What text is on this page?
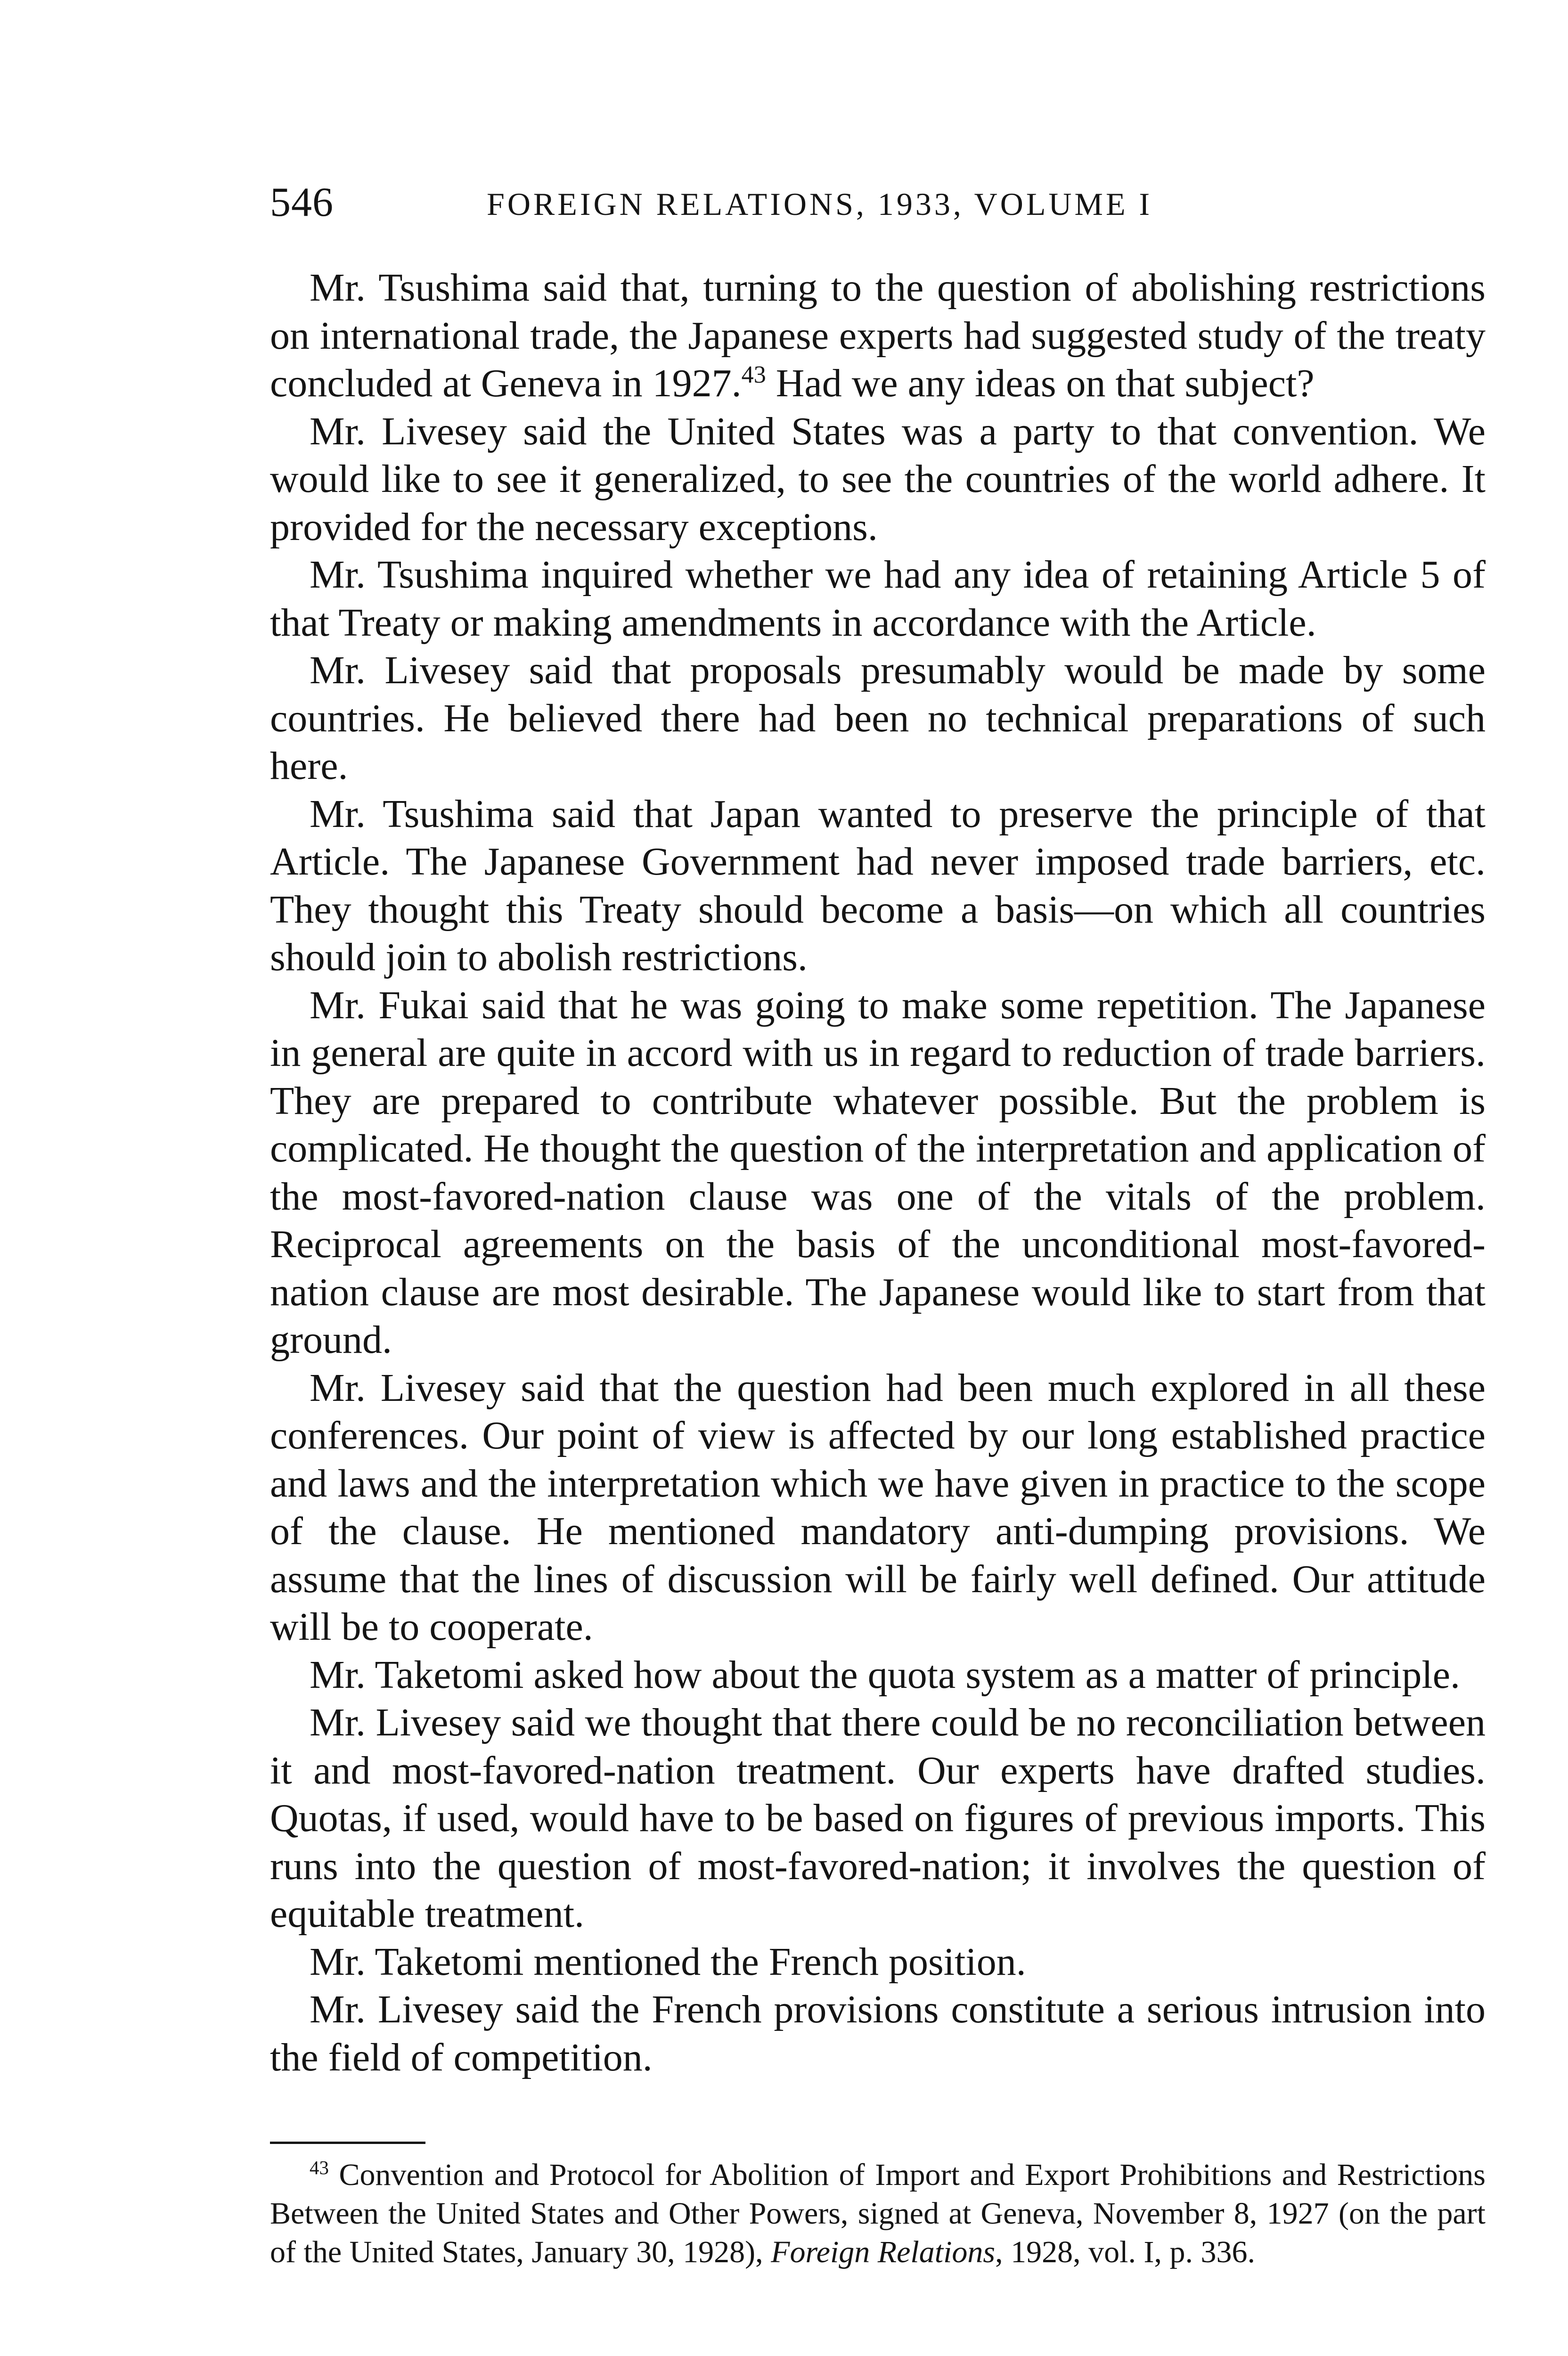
546	FOREIGN RELATIONS, 1933, VOLUME I

Mr. Tsushima said that, turning to the question of abolishing restrictions on international trade, the Japanese experts had suggested study of the treaty concluded at Geneva in 1927.43 Had we any ideas on that subject?

Mr. Livesey said the United States was a party to that convention. We would like to see it generalized, to see the countries of the world adhere. It provided for the necessary exceptions.

Mr. Tsushima inquired whether we had any idea of retaining Article 5 of that Treaty or making amendments in accordance with the Article.

Mr. Livesey said that proposals presumably would be made by some countries. He believed there had been no technical preparations of such here.

Mr. Tsushima said that Japan wanted to preserve the principle of that Article. The Japanese Government had never imposed trade barriers, etc. They thought this Treaty should become a basis—on which all countries should join to abolish restrictions.

Mr. Fukai said that he was going to make some repetition. The Japanese in general are quite in accord with us in regard to reduction of trade barriers. They are prepared to contribute whatever possible. But the problem is complicated. He thought the question of the interpretation and application of the most-favored-nation clause was one of the vitals of the problem. Reciprocal agreements on the basis of the unconditional most-favored-nation clause are most desirable. The Japanese would like to start from that ground.

Mr. Livesey said that the question had been much explored in all these conferences. Our point of view is affected by our long established practice and laws and the interpretation which we have given in practice to the scope of the clause. He mentioned mandatory anti-dumping provisions. We assume that the lines of discussion will be fairly well defined. Our attitude will be to cooperate.

Mr. Taketomi asked how about the quota system as a matter of principle.

Mr. Livesey said we thought that there could be no reconciliation between it and most-favored-nation treatment. Our experts have drafted studies. Quotas, if used, would have to be based on figures of previous imports. This runs into the question of most-favored-nation; it involves the question of equitable treatment.

Mr. Taketomi mentioned the French position.

Mr. Livesey said the French provisions constitute a serious intrusion into the field of competition.

$^{43}$ Convention and Protocol for Abolition of Import and Export Prohibitions and Restrictions Between the United States and Other Powers, signed at Geneva, November 8, 1927 (on the part of the United States, January 30, 1928), Foreign Relations, 1928, vol. I, p. 336.
